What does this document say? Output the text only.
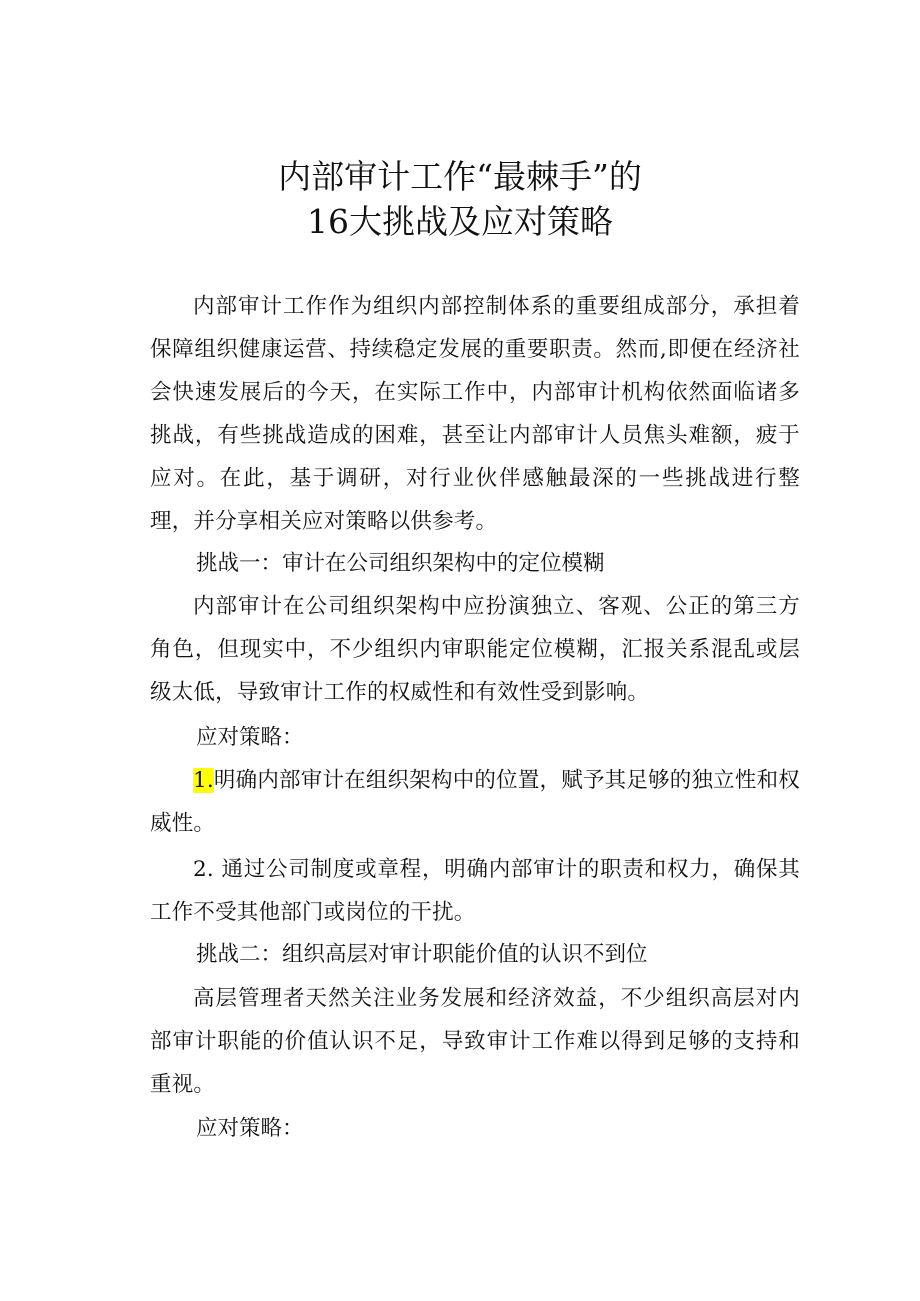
内部审计工作“最棘手”的
16大挑战及应对策略

内部审计工作作为组织内部控制体系的重要组成部分，承担着保障组织健康运营、持续稳定发展的重要职责。然而,即便在经济社会快速发展后的今天，在实际工作中，内部审计机构依然面临诸多挑战，有些挑战造成的困难，甚至让内部审计人员焦头难额，疲于应对。在此，基于调研，对行业伙伴感触最深的一些挑战进行整理，并分享相关应对策略以供参考。

挑战一：审计在公司组织架构中的定位模糊

内部审计在公司组织架构中应扮演独立、客观、公正的第三方角色，但现实中，不少组织内审职能定位模糊，汇报关系混乱或层级太低，导致审计工作的权威性和有效性受到影响。

应对策略：

1.明确内部审计在组织架构中的位置，赋予其足够的独立性和权威性。

2. 通过公司制度或章程，明确内部审计的职责和权力，确保其工作不受其他部门或岗位的干扰。

挑战二：组织高层对审计职能价值的认识不到位

高层管理者天然关注业务发展和经济效益，不少组织高层对内部审计职能的价值认识不足，导致审计工作难以得到足够的支持和重视。

应对策略：
